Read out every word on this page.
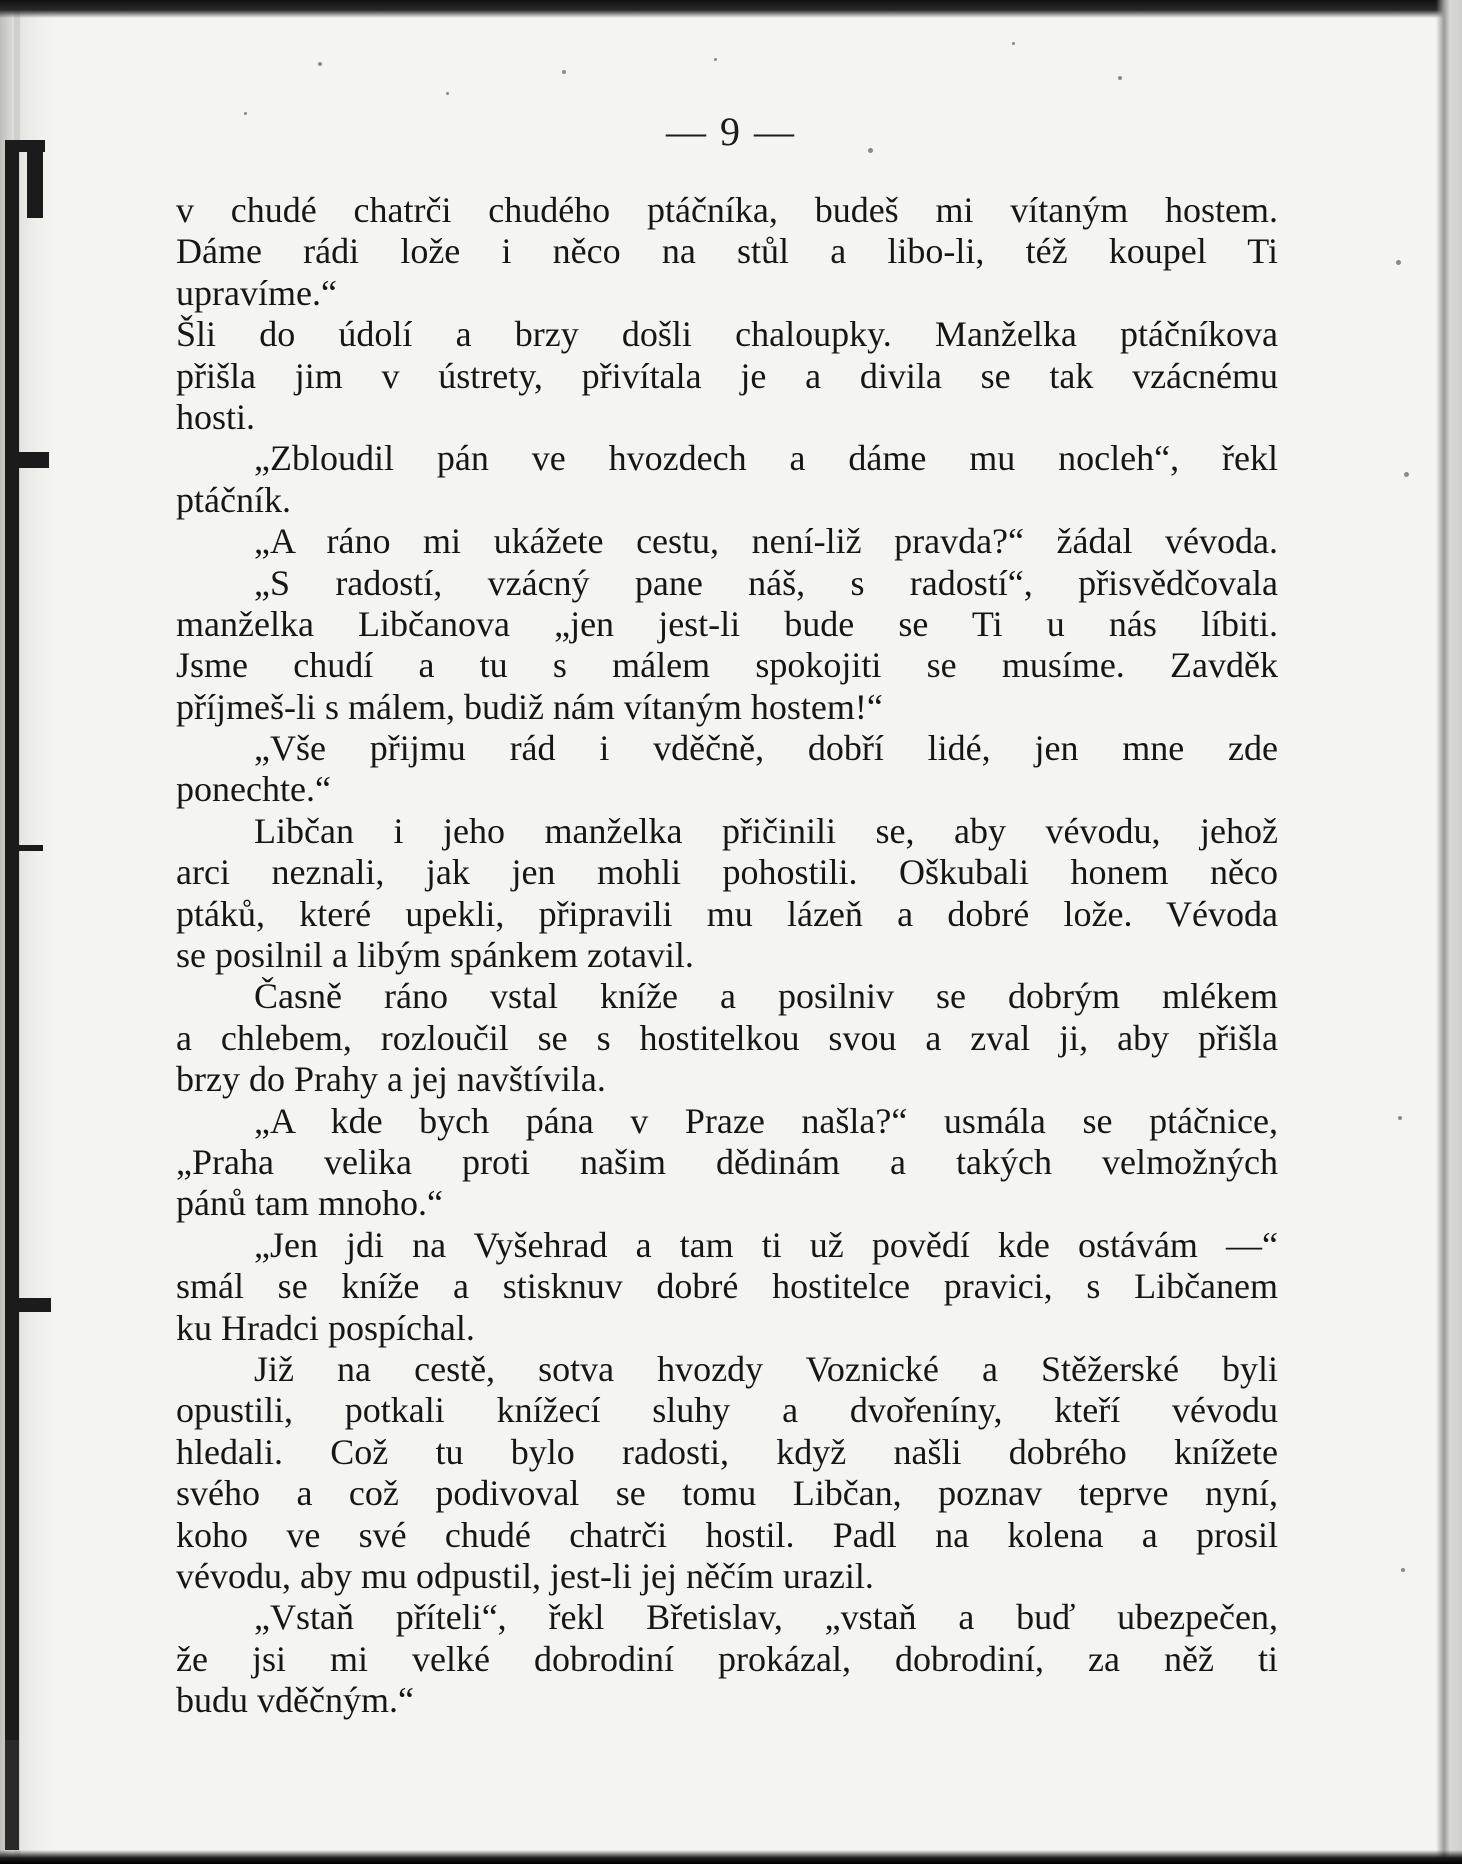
— 9 —
v chudé chatrči chudého ptáčníka, budeš mi vítaným hostem.
Dáme rádi lože i něco na stůl a libo-li, též koupel Ti
upravíme.“
Šli do údolí a brzy došli chaloupky. Manželka ptáčníkova
přišla jim v ústrety, přivítala je a divila se tak vzácnému
hosti.
„Zbloudil pán ve hvozdech a dáme mu nocleh“, řekl
ptáčník.
„A ráno mi ukážete cestu, není-liž pravda?“ žádal vévoda.
„S radostí, vzácný pane náš, s radostí“, přisvědčovala
manželka Libčanova „jen jest-li bude se Ti u nás líbiti.
Jsme chudí a tu s málem spokojiti se musíme. Zavděk
příjmeš-li s málem, budiž nám vítaným hostem!“
„Vše přijmu rád i vděčně, dobří lidé, jen mne zde
ponechte.“
Libčan i jeho manželka přičinili se, aby vévodu, jehož
arci neznali, jak jen mohli pohostili. Oškubali honem něco
ptáků, které upekli, připravili mu lázeň a dobré lože. Vévoda
se posilnil a libým spánkem zotavil.
Časně ráno vstal kníže a posilniv se dobrým mlékem
a chlebem, rozloučil se s hostitelkou svou a zval ji, aby přišla
brzy do Prahy a jej navštívila.
„A kde bych pána v Praze našla?“ usmála se ptáčnice,
„Praha velika proti našim dědinám a takých velmožných
pánů tam mnoho.“
„Jen jdi na Vyšehrad a tam ti už povědí kde ostávám —“
smál se kníže a stisknuv dobré hostitelce pravici, s Libčanem
ku Hradci pospíchal.
Již na cestě, sotva hvozdy Voznické a Stěžerské byli
opustili, potkali knížecí sluhy a dvořeníny, kteří vévodu
hledali. Což tu bylo radosti, když našli dobrého knížete
svého a což podivoval se tomu Libčan, poznav teprve nyní,
koho ve své chudé chatrči hostil. Padl na kolena a prosil
vévodu, aby mu odpustil, jest-li jej něčím urazil.
„Vstaň příteli“, řekl Břetislav, „vstaň a buď ubezpečen,
že jsi mi velké dobrodiní prokázal, dobrodiní, za něž ti
budu vděčným.“
